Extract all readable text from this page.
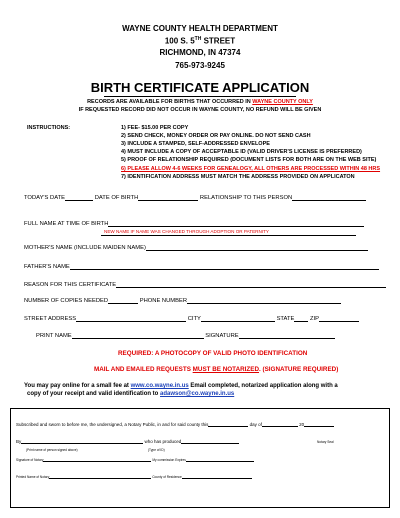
WAYNE COUNTY HEALTH DEPARTMENT
100 S. 5TH STREET
RICHMOND, IN 47374
765-973-9245
BIRTH CERTIFICATE APPLICATION
RECORDS ARE AVAILABLE FOR BIRTHS THAT OCCURRED IN WAYNE COUNTY ONLY
IF REQUESTED RECORD DID NOT OCCUR IN WAYNE COUNTY, NO REFUND WILL BE GIVEN
INSTRUCTIONS:	1) FEE- $15.00 PER COPY
2) SEND CHECK, MONEY ORDER OR PAY ONLINE. DO NOT SEND CASH
3) INCLUDE A STAMPED, SELF-ADDRESSED ENVELOPE
4) MUST INCLUDE A COPY OF ACCEPTABLE ID (VALID DRIVER'S LICENSE IS PREFERRED)
5) PROOF OF RELATIONSHIP REQUIRED (DOCUMENT LISTS FOR BOTH ARE ON THE WEB SITE)
6) PLEASE ALLOW 4-6 WEEKS FOR GENEALOGY, ALL OTHERS ARE PROCESSED WITHIN 48 HRS
7) IDENTIFICATION ADDRESS MUST MATCH THE ADDRESS PROVIDED ON APPLICATON
TODAY'S DATE	DATE OF BIRTH	RELATIONSHIP TO THIS PERSON
FULL NAME AT TIME OF BIRTH
NEW NAME IF NAME WAS CHANGED THROUGH ADOPTION OR PATERNITY
MOTHER'S NAME (INCLUDE MAIDEN NAME)
FATHER'S NAME
REASON FOR THIS CERTIFICATE
NUMBER OF COPIES NEEDED	PHONE NUMBER
STREET ADDRESS	CITY	STATE	ZIP
PRINT NAME	SIGNATURE
REQUIRED: A PHOTOCOPY OF VALID PHOTO IDENTIFICATION
MAIL AND EMAILED REQUESTS MUST BE NOTARIZED. (SIGNATURE REQUIRED)
You may pay online for a small fee at www.co.wayne.in.us Email completed, notarized application along with a
copy of your receipt and valid identification to adawson@co.wayne.in.us
Subscribed and sworn to before me, the undersigned, a Notary Public, in and for said county this	day of	20
By	who has produced	Notary Seal
(Print name of person signed above)	(Type of ID)
Signature of Notary	My commission Expires
Printed Name of Notary	County of Residence
